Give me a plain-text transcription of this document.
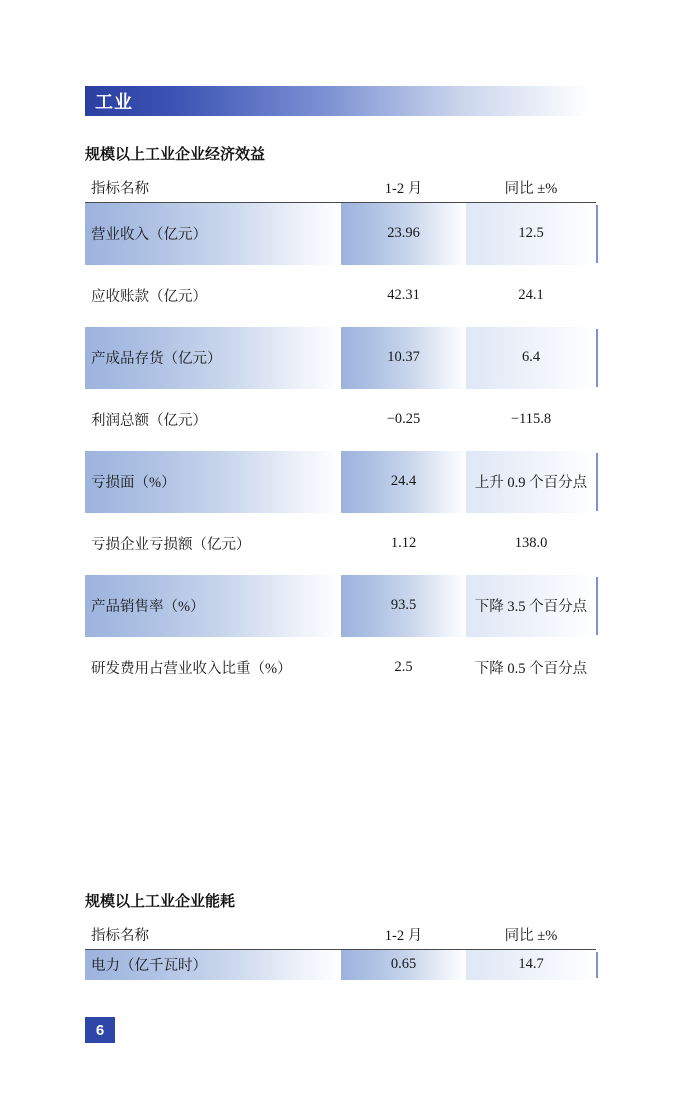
工业
规模以上工业企业经济效益
指标名称	1-2 月	同比 ±%
营业收入（亿元）	23.96	12.5
应收账款（亿元）	42.31	24.1
产成品存货（亿元）	10.37	6.4
利润总额（亿元）	−0.25	−115.8
亏损面（%）	24.4	上升 0.9 个百分点
亏损企业亏损额（亿元）	1.12	138.0
产品销售率（%）	93.5	下降 3.5 个百分点
研发费用占营业收入比重（%）	2.5	下降 0.5 个百分点
规模以上工业企业能耗
指标名称	1-2 月	同比 ±%
电力（亿千瓦时）	0.65	14.7
6
